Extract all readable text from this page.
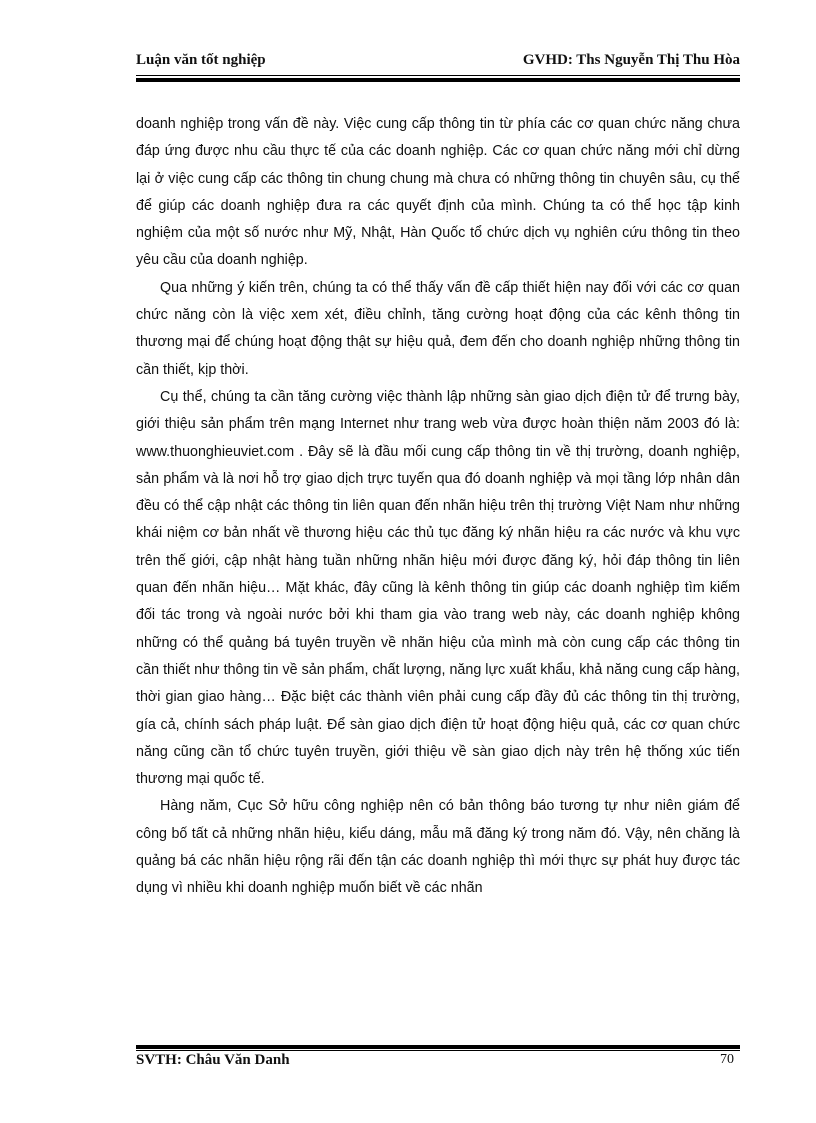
Luận văn tốt nghiệp	GVHD: Ths Nguyễn Thị Thu Hòa

doanh nghiệp trong vấn đề này. Việc cung cấp thông tin từ phía các cơ quan chức năng chưa đáp ứng được nhu cầu thực tế của các doanh nghiệp. Các cơ quan chức năng mới chỉ dừng lại ở việc cung cấp các thông tin chung chung mà chưa có những thông tin chuyên sâu, cụ thể để giúp các doanh nghiệp đưa ra các quyết định của mình. Chúng ta có thể học tập kinh nghiệm của một số nước như Mỹ, Nhật, Hàn Quốc tổ chức dịch vụ nghiên cứu thông tin theo yêu cầu của doanh nghiệp.

Qua những ý kiến trên, chúng ta có thể thấy vấn đề cấp thiết hiện nay đối với các cơ quan chức năng còn là việc xem xét, điều chỉnh, tăng cường hoạt động của các kênh thông tin thương mại để chúng hoạt động thật sự hiệu quả, đem đến cho doanh nghiệp những thông tin cần thiết, kịp thời.

Cụ thể, chúng ta cần tăng cường việc thành lập những sàn giao dịch điện tử để trưng bày, giới thiệu sản phẩm trên mạng Internet như trang web vừa được hoàn thiện năm 2003 đó là: www.thuonghieuviet.com . Đây sẽ là đầu mối cung cấp thông tin về thị trường, doanh nghiệp, sản phẩm và là nơi hỗ trợ giao dịch trực tuyến qua đó doanh nghiệp và mọi tầng lớp nhân dân đều có thể cập nhật các thông tin liên quan đến nhãn hiệu trên thị trường Việt Nam như những khái niệm cơ bản nhất về thương hiệu các thủ tục đăng ký nhãn hiệu ra các nước và khu vực trên thế giới, cập nhật hàng tuần những nhãn hiệu mới được đăng ký, hỏi đáp thông tin liên quan đến nhãn hiệu… Mặt khác, đây cũng là kênh thông tin giúp các doanh nghiệp tìm kiếm đối tác trong và ngoài nước bởi khi tham gia vào trang web này, các doanh nghiệp không những có thể quảng bá tuyên truyền về nhãn hiệu của mình mà còn cung cấp các thông tin cần thiết như thông tin về sản phẩm, chất lượng, năng lực xuất khẩu, khả năng cung cấp hàng, thời gian giao hàng… Đặc biệt các thành viên phải cung cấp đầy đủ các thông tin thị trường, gía cả, chính sách pháp luật. Để sàn giao dịch điện tử hoạt động hiệu quả, các cơ quan chức năng cũng cần tổ chức tuyên truyền, giới thiệu về sàn giao dịch này trên hệ thống xúc tiến thương mại quốc tế.

Hàng năm, Cục Sở hữu công nghiệp nên có bản thông báo tương tự như niên giám để công bố tất cả những nhãn hiệu, kiểu dáng, mẫu mã đăng ký trong năm đó. Vậy, nên chăng là quảng bá các nhãn hiệu rộng rãi đến tận các doanh nghiệp thì mới thực sự phát huy được tác dụng vì nhiều khi doanh nghiệp muốn biết về các nhãn

SVTH: Châu Văn Danh	70
